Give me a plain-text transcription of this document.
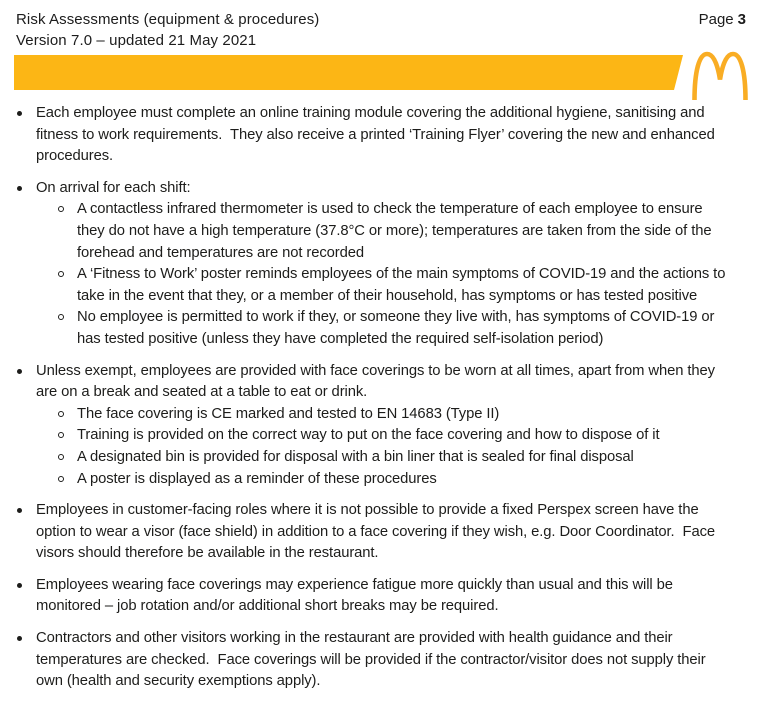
Risk Assessments (equipment & procedures)	Page 3
Version 7.0 – updated 21 May 2021
Each employee must complete an online training module covering the additional hygiene, sanitising and fitness to work requirements.  They also receive a printed ‘Training Flyer’ covering the new and enhanced procedures.
On arrival for each shift:
A contactless infrared thermometer is used to check the temperature of each employee to ensure they do not have a high temperature (37.8°C or more); temperatures are taken from the side of the forehead and temperatures are not recorded
A ‘Fitness to Work’ poster reminds employees of the main symptoms of COVID-19 and the actions to take in the event that they, or a member of their household, has symptoms or has tested positive
No employee is permitted to work if they, or someone they live with, has symptoms of COVID-19 or has tested positive (unless they have completed the required self-isolation period)
Unless exempt, employees are provided with face coverings to be worn at all times, apart from when they are on a break and seated at a table to eat or drink.
The face covering is CE marked and tested to EN 14683 (Type II)
Training is provided on the correct way to put on the face covering and how to dispose of it
A designated bin is provided for disposal with a bin liner that is sealed for final disposal
A poster is displayed as a reminder of these procedures
Employees in customer-facing roles where it is not possible to provide a fixed Perspex screen have the option to wear a visor (face shield) in addition to a face covering if they wish, e.g. Door Coordinator.  Face visors should therefore be available in the restaurant.
Employees wearing face coverings may experience fatigue more quickly than usual and this will be monitored – job rotation and/or additional short breaks may be required.
Contractors and other visitors working in the restaurant are provided with health guidance and their temperatures are checked.  Face coverings will be provided if the contractor/visitor does not supply their own (health and security exemptions apply).
